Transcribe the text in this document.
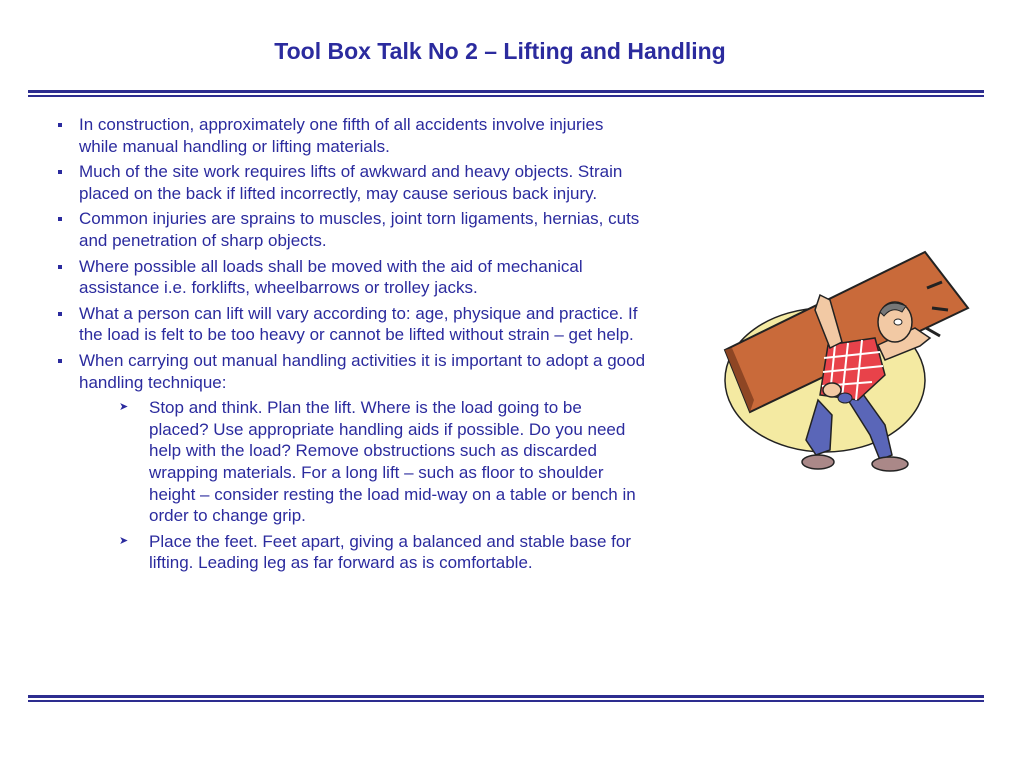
Tool Box Talk No 2 – Lifting and Handling
In construction, approximately one fifth of all accidents involve injuries while manual handling or lifting materials.
Much of the site work requires lifts of awkward and heavy objects. Strain placed on the back if lifted incorrectly, may cause serious back injury.
Common injuries are sprains to muscles, joint torn ligaments, hernias, cuts and penetration of sharp objects.
Where possible all loads shall be moved with the aid of mechanical assistance i.e. forklifts, wheelbarrows or trolley jacks.
What a person can lift will vary according to: age, physique and practice. If the load is felt to be too heavy or cannot be lifted without strain – get help.
When carrying out manual handling activities it is important to adopt a good handling technique:
➤ Stop and think. Plan the lift. Where is the load going to be placed? Use appropriate handling aids if possible. Do you need help with the load? Remove obstructions such as discarded wrapping materials. For a long lift – such as floor to shoulder height – consider resting the load mid-way on a table or bench in order to change grip.
➤ Place the feet. Feet apart, giving a balanced and stable base for lifting. Leading leg as far forward as is comfortable.
